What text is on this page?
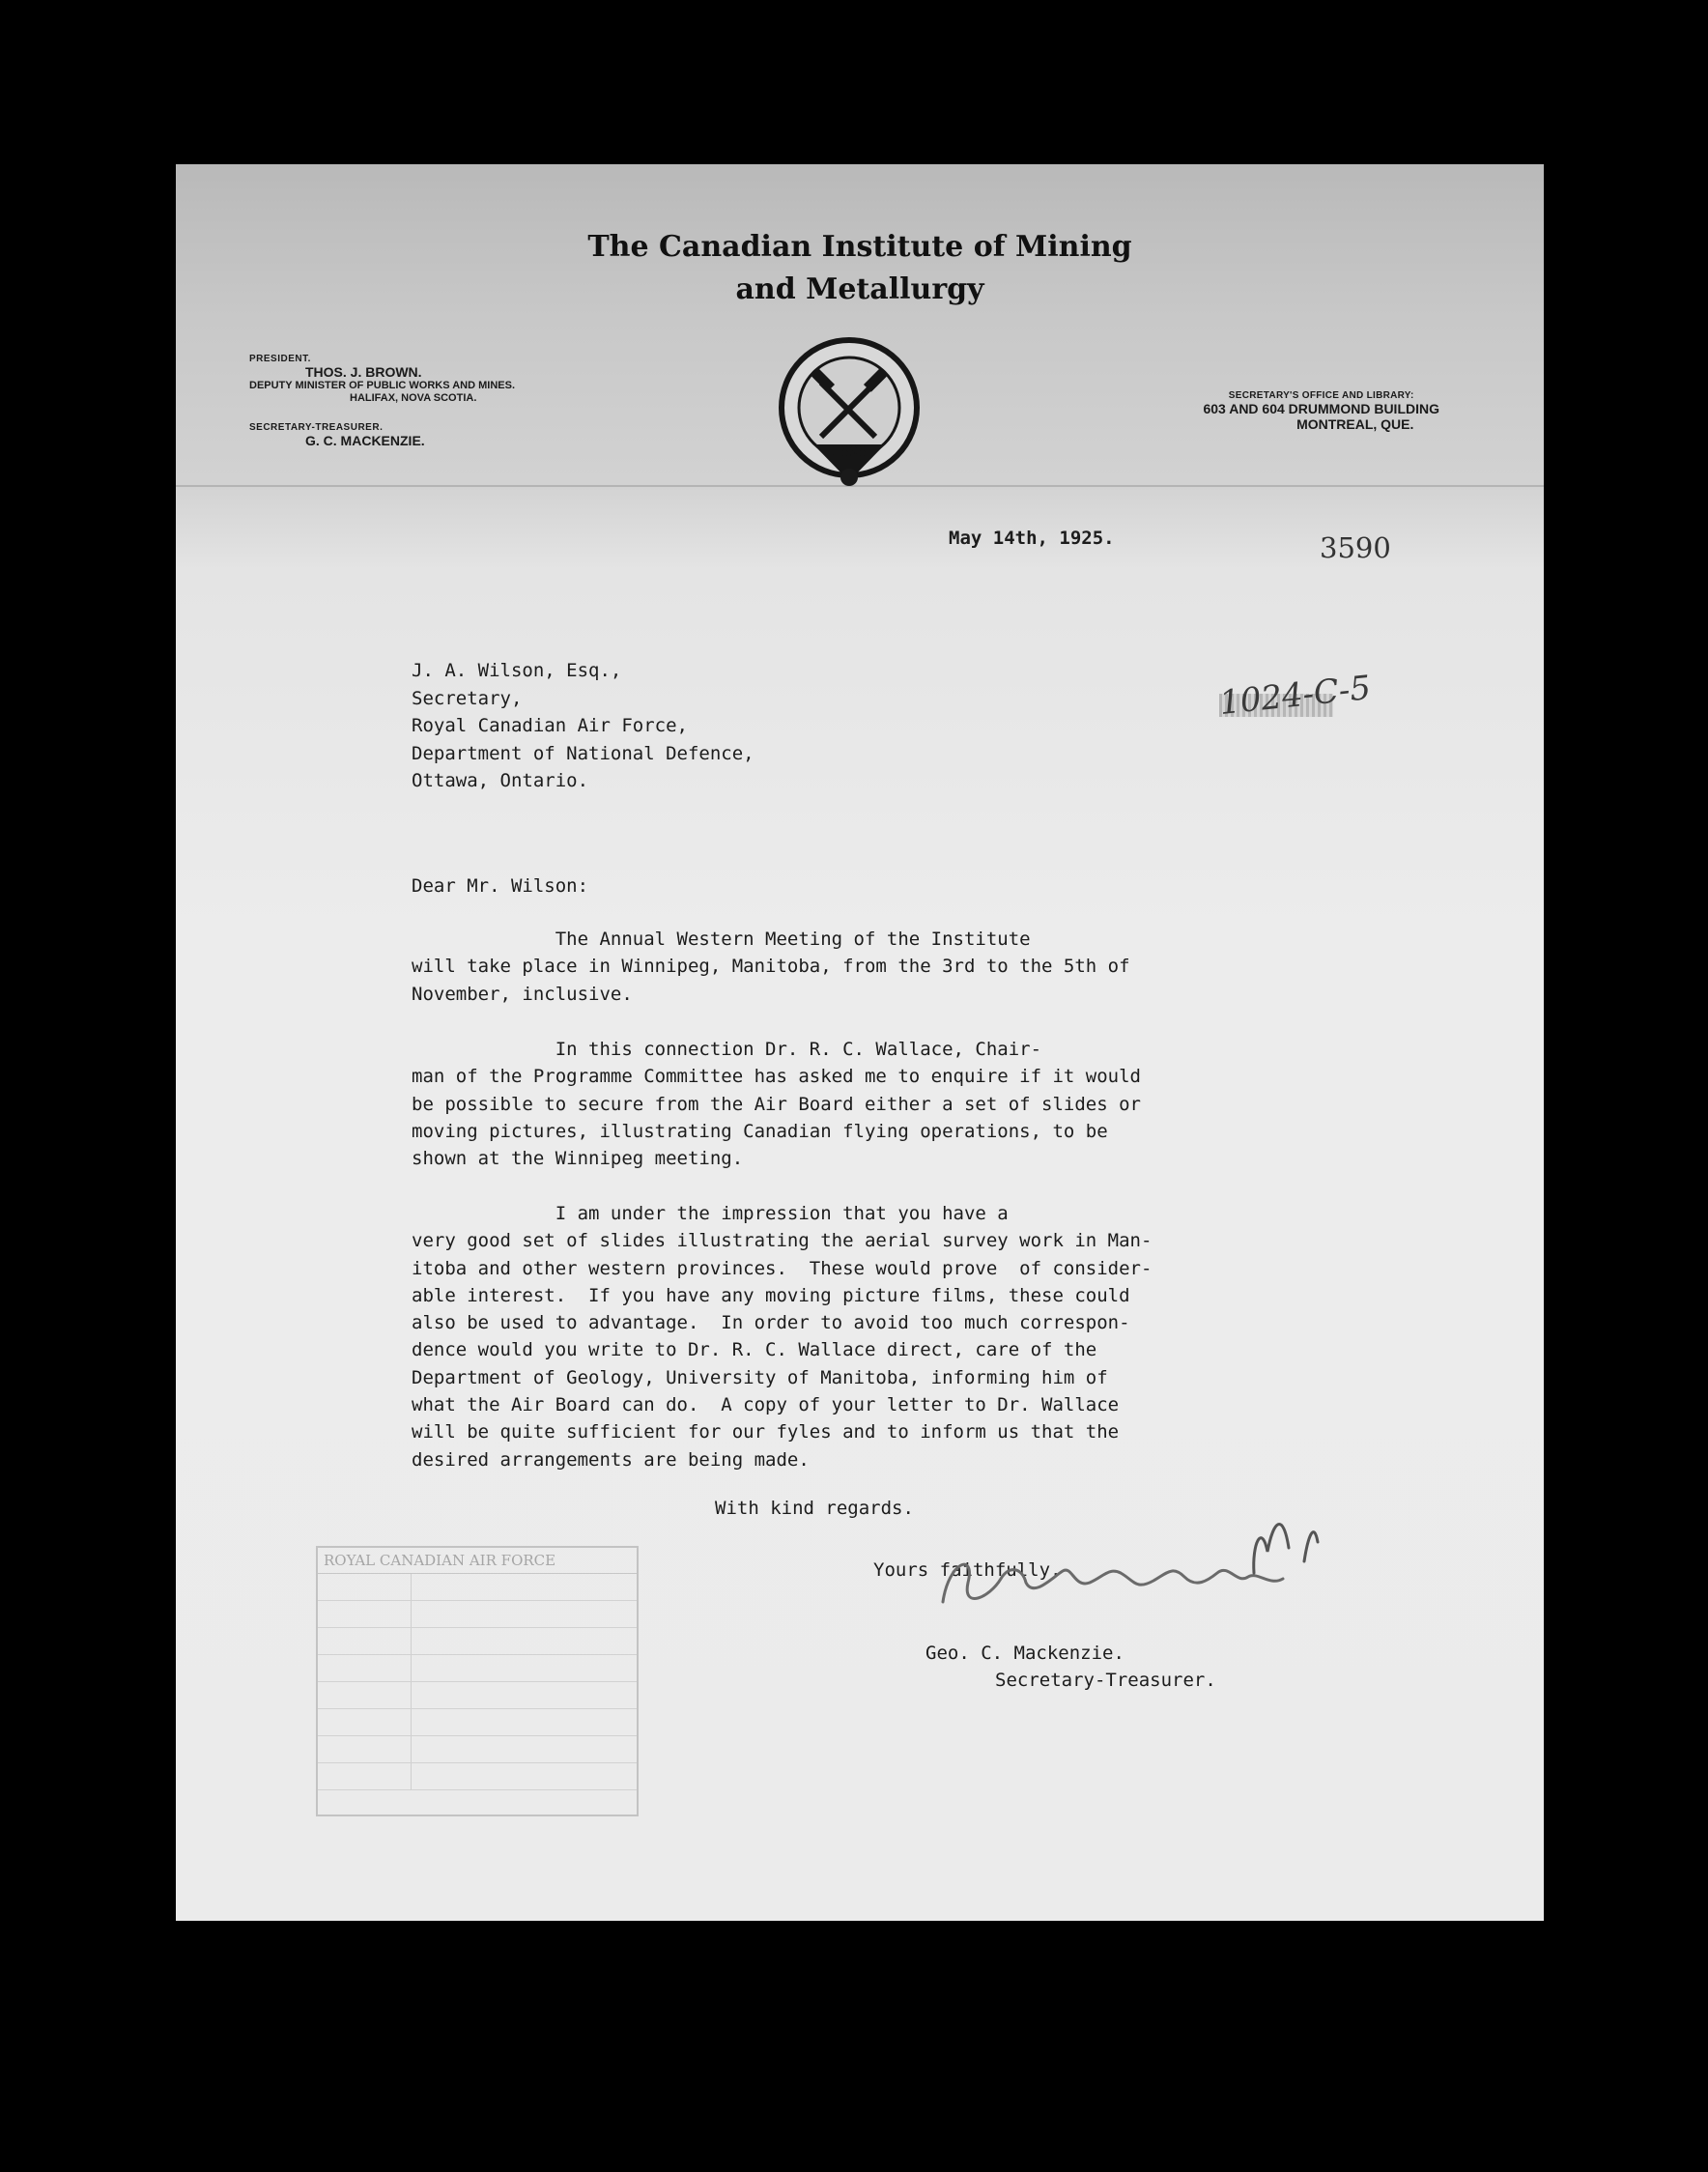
The Canadian Institute of Mining
and Metallurgy
PRESIDENT.
THOS. J. BROWN.
DEPUTY MINISTER OF PUBLIC WORKS AND MINES.
HALIFAX, NOVA SCOTIA.
SECRETARY-TREASURER.
G. C. MACKENZIE.
1898
SECRETARY'S OFFICE AND LIBRARY:
603 AND 604 DRUMMOND BUILDING
MONTREAL, QUE.
May 14th, 1925.	3590
1024-C-5
J. A. Wilson, Esq.,
Secretary,
Royal Canadian Air Force,
Department of National Defence,
Ottawa, Ontario.
Dear Mr. Wilson:
The Annual Western Meeting of the Institute
will take place in Winnipeg, Manitoba, from the 3rd to the 5th of
November, inclusive.
In this connection Dr. R. C. Wallace, Chair-
man of the Programme Committee has asked me to enquire if it would
be possible to secure from the Air Board either a set of slides or
moving pictures, illustrating Canadian flying operations, to be
shown at the Winnipeg meeting.
I am under the impression that you have a
very good set of slides illustrating the aerial survey work in Man-
itoba and other western provinces.  These would prove  of consider-
able interest.  If you have any moving picture films, these could
also be used to advantage.  In order to avoid too much correspon-
dence would you write to Dr. R. C. Wallace direct, care of the
Department of Geology, University of Manitoba, informing him of
what the Air Board can do.  A copy of your letter to Dr. Wallace
will be quite sufficient for our fyles and to inform us that the
desired arrangements are being made.
With kind regards.
Yours faithfully,
Geo. C. Mackenzie.
Secretary-Treasurer.
ROYAL CANADIAN AIR FORCE
